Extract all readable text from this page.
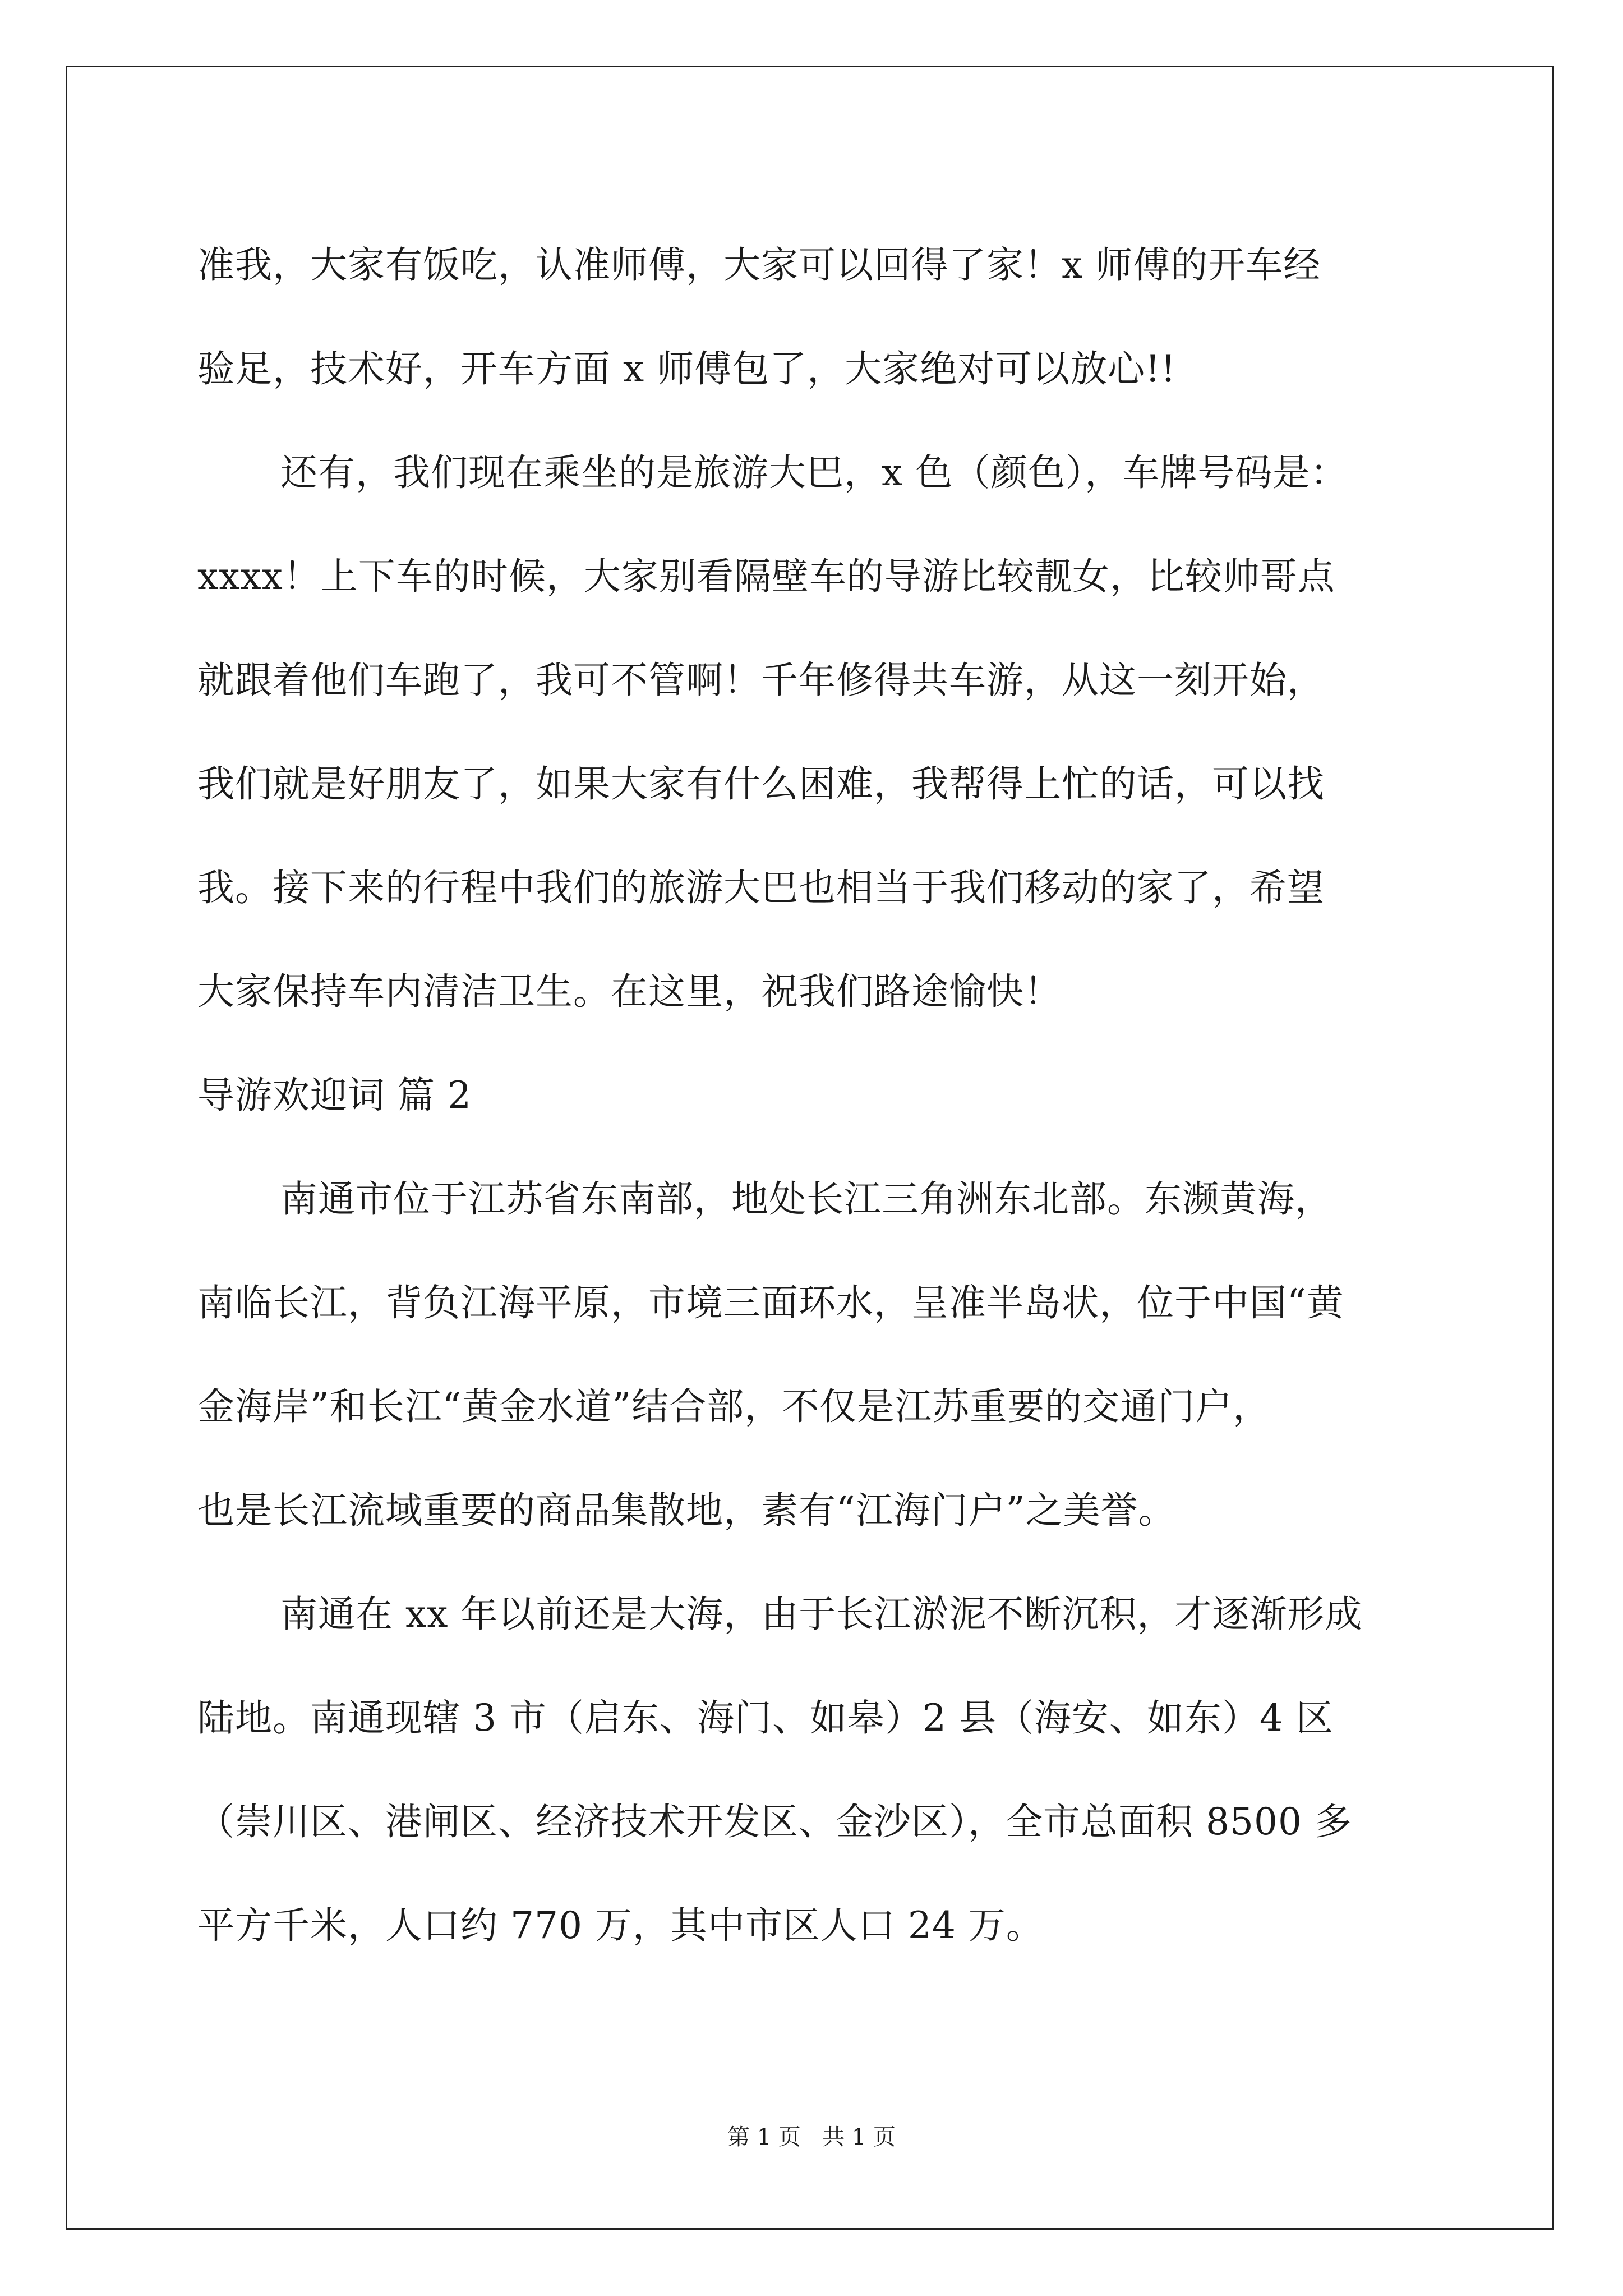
准我，大家有饭吃，认准师傅，大家可以回得了家！x 师傅的开车经
验足，技术好，开车方面 x 师傅包了，大家绝对可以放心!!
还有，我们现在乘坐的是旅游大巴，x 色（颜色），车牌号码是：
xxxx！上下车的时候，大家别看隔壁车的导游比较靓女，比较帅哥点
就跟着他们车跑了，我可不管啊！千年修得共车游，从这一刻开始，
我们就是好朋友了，如果大家有什么困难，我帮得上忙的话，可以找
我。接下来的行程中我们的旅游大巴也相当于我们移动的家了，希望
大家保持车内清洁卫生。在这里，祝我们路途愉快！
导游欢迎词 篇 2
南通市位于江苏省东南部，地处长江三角洲东北部。东濒黄海，
南临长江，背负江海平原，市境三面环水，呈准半岛状，位于中国“黄
金海岸”和长江“黄金水道”结合部，不仅是江苏重要的交通门户，
也是长江流域重要的商品集散地，素有“江海门户”之美誉。
南通在 xx 年以前还是大海，由于长江淤泥不断沉积，才逐渐形成
陆地。南通现辖 3 市（启东、海门、如皋）2 县（海安、如东）4 区
（崇川区、港闸区、经济技术开发区、金沙区），全市总面积 8500 多
平方千米，人口约 770 万，其中市区人口 24 万。
第 1 页   共 1 页
